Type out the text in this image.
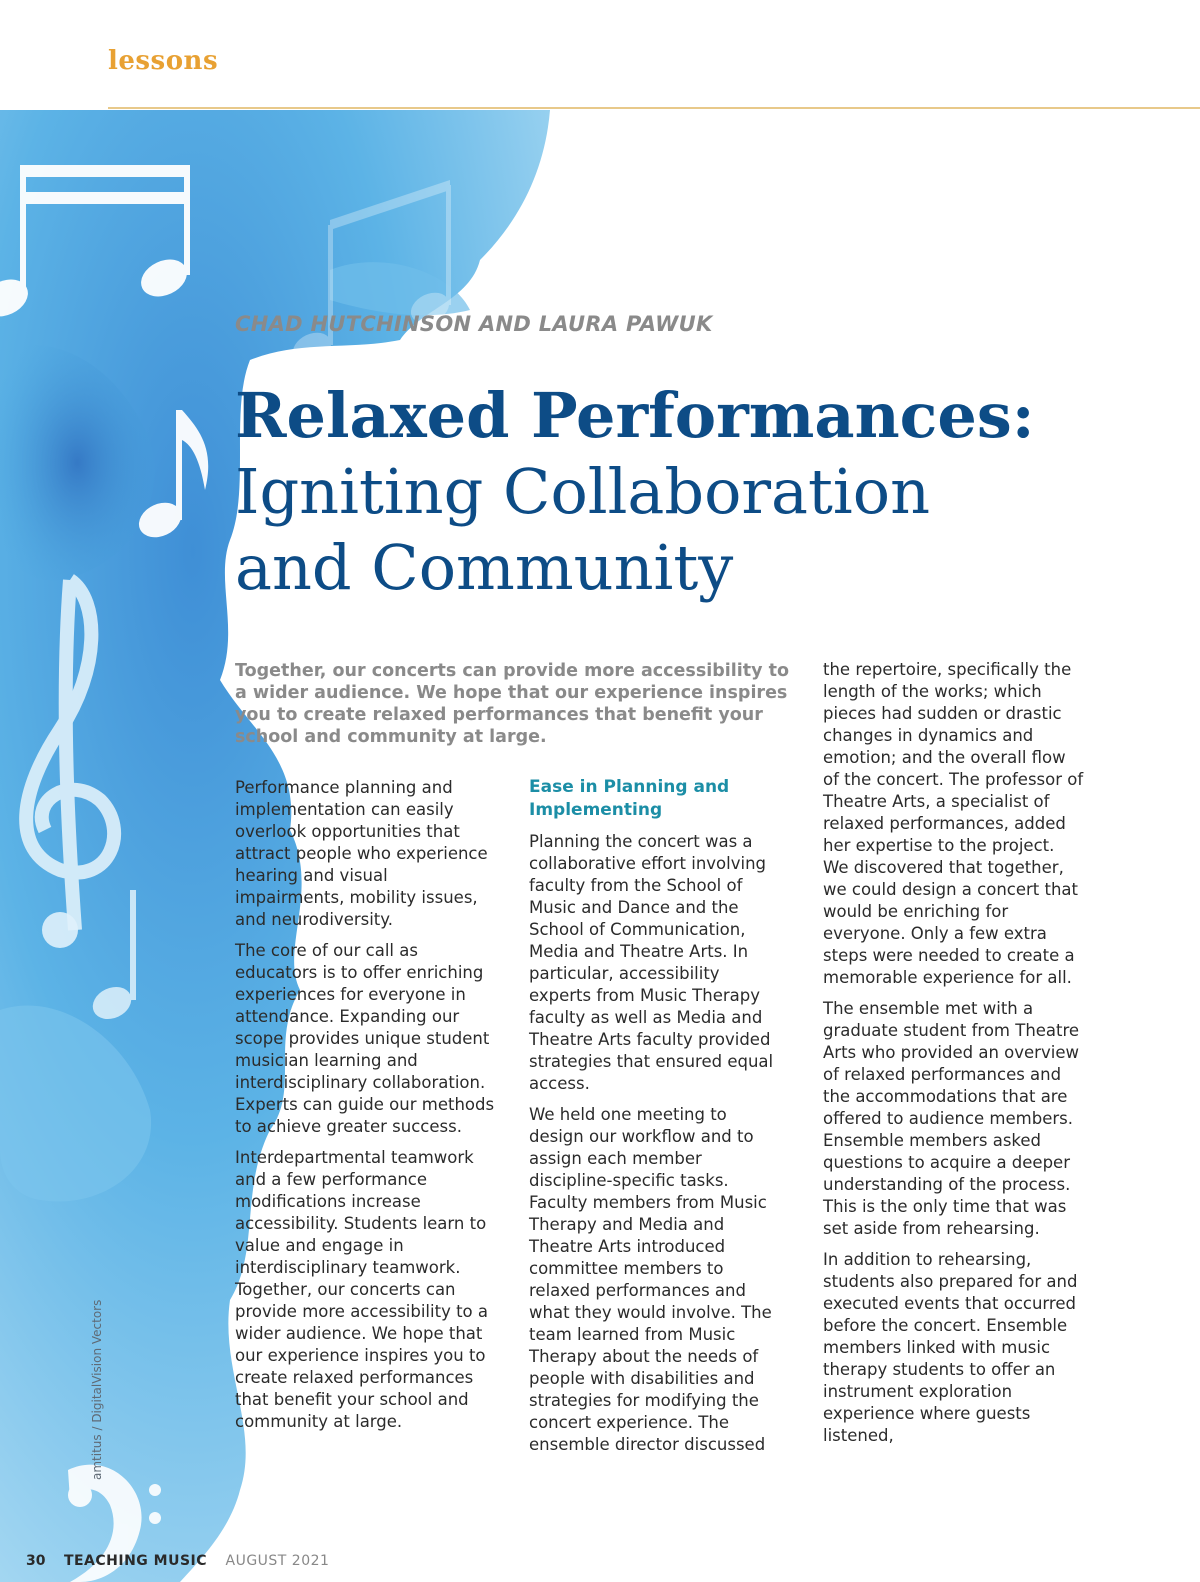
lessons
amtitus / DigitalVision Vectors
CHAD HUTCHINSON AND LAURA PAWUK
Relaxed Performances:
Igniting Collaboration
and Community
Together, our concerts can provide more accessibility to a wider audience. We hope that our experience inspires you to create relaxed performances that benefit your school and community at large.

Performance planning and implementation can easily overlook opportunities that attract people who experience hearing and visual impairments, mobility issues, and neurodiversity.

The core of our call as educators is to offer enriching experiences for everyone in attendance. Expanding our scope provides unique student musician learning and interdisciplinary collaboration. Experts can guide our methods to achieve greater success.

Interdepartmental teamwork and a few performance modifications increase accessibility. Students learn to value and engage in interdisciplinary teamwork. Together, our concerts can provide more accessibility to a wider audience. We hope that our experience inspires you to create relaxed performances that benefit your school and community at large.

Ease in Planning and Implementing

Planning the concert was a collaborative effort involving faculty from the School of Music and Dance and the School of Communication, Media and Theatre Arts. In particular, accessibility experts from Music Therapy faculty as well as Media and Theatre Arts faculty provided strategies that ensured equal access.

We held one meeting to design our workflow and to assign each member discipline-specific tasks. Faculty members from Music Therapy and Media and Theatre Arts introduced committee members to relaxed performances and what they would involve. The team learned from Music Therapy about the needs of people with disabilities and strategies for modifying the concert experience. The ensemble director discussed

the repertoire, specifically the length of the works; which pieces had sudden or drastic changes in dynamics and emotion; and the overall flow of the concert. The professor of Theatre Arts, a specialist of relaxed performances, added her expertise to the project. We discovered that together, we could design a concert that would be enriching for everyone. Only a few extra steps were needed to create a memorable experience for all.

The ensemble met with a graduate student from Theatre Arts who provided an overview of relaxed performances and the accommodations that are offered to audience members. Ensemble members asked questions to acquire a deeper understanding of the process. This is the only time that was set aside from rehearsing.

In addition to rehearsing, students also prepared for and executed events that occurred before the concert. Ensemble members linked with music therapy students to offer an instrument exploration experience where guests listened,

30 TEACHING MUSIC AUGUST 2021
